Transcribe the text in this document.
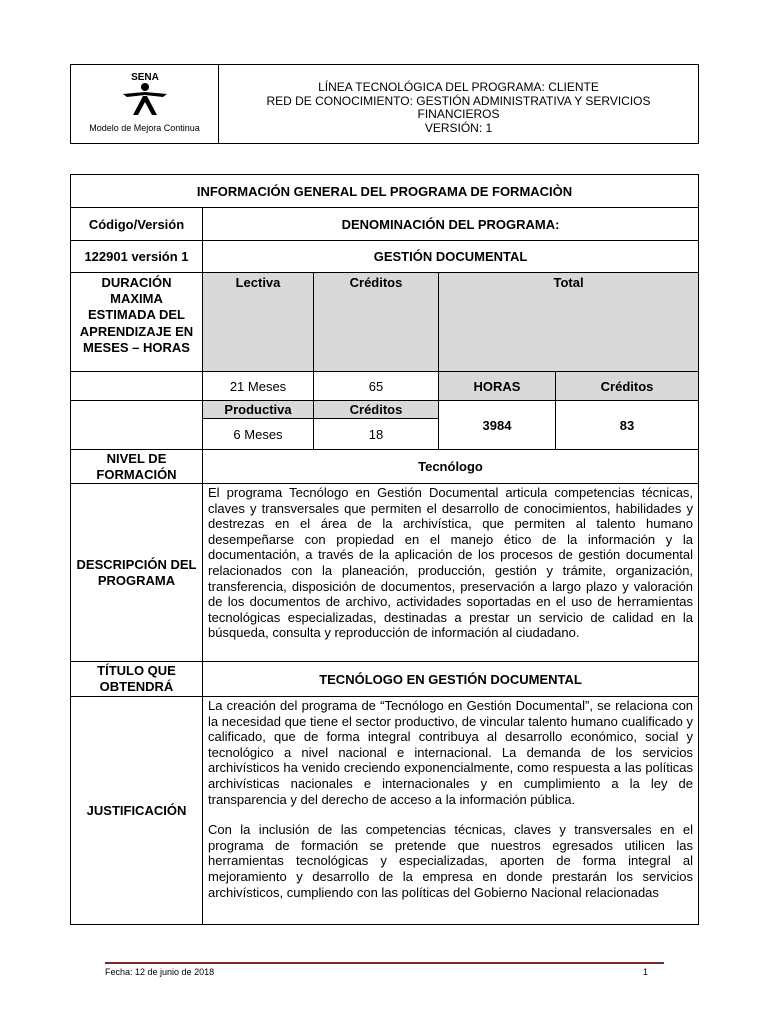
SENA
Modelo de Mejora Continua
LÍNEA TECNOLÓGICA DEL PROGRAMA: CLIENTE
RED DE CONOCIMIENTO: GESTIÓN ADMINISTRATIVA Y SERVICIOS
FINANCIEROS
VERSIÓN: 1
INFORMACIÓN GENERAL DEL PROGRAMA DE FORMACIÒN				
Código/Versión	DENOMINACIÓN DEL PROGRAMA:			
122901 versión 1	GESTIÓN DOCUMENTAL			
DURACIÓN MAXIMA ESTIMADA DEL APRENDIZAJE EN MESES – HORAS	Lectiva	Créditos	Total	
	21 Meses	65	HORAS	Créditos
	Productiva	Créditos	3984	83
	6 Meses	18		
NIVEL DE FORMACIÓN	Tecnólogo			
DESCRIPCIÓN DEL PROGRAMA	El programa Tecnólogo en Gestión Documental articula competencias técnicas, claves y transversales que permiten el desarrollo de conocimientos, habilidades y destrezas en el área de la archivística, que permiten al talento humano desempeñarse con propiedad en el manejo ético de la información y la documentación, a través de la aplicación de los procesos de gestión documental relacionados con la planeación, producción, gestión y trámite, organización, transferencia, disposición de documentos, preservación a largo plazo y valoración de los documentos de archivo, actividades soportadas en el uso de herramientas tecnológicas especializadas, destinadas a prestar un servicio de calidad en la búsqueda, consulta y reproducción de información al ciudadano.			
TÍTULO QUE OBTENDRÁ	TECNÓLOGO EN GESTIÓN DOCUMENTAL			
JUSTIFICACIÓN	La creación del programa de “Tecnólogo en Gestión Documental”, se relaciona con la necesidad que tiene el sector productivo, de vincular talento humano cualificado y calificado, que de forma integral contribuya al desarrollo económico, social y tecnológico a nivel nacional e internacional. La demanda de los servicios archivísticos ha venido creciendo exponencialmente, como respuesta a las políticas archivísticas nacionales e internacionales y en cumplimiento a la ley de transparencia y del derecho de acceso a la información pública.
Con la inclusión de las competencias técnicas, claves y transversales en el programa de formación se pretende que nuestros egresados utilicen las herramientas tecnológicas y especializadas, aporten de forma integral al mejoramiento y desarrollo de la empresa en donde prestarán los servicios archivísticos, cumpliendo con las políticas del Gobierno Nacional relacionadas			
Fecha: 12 de junio de 2018	1
